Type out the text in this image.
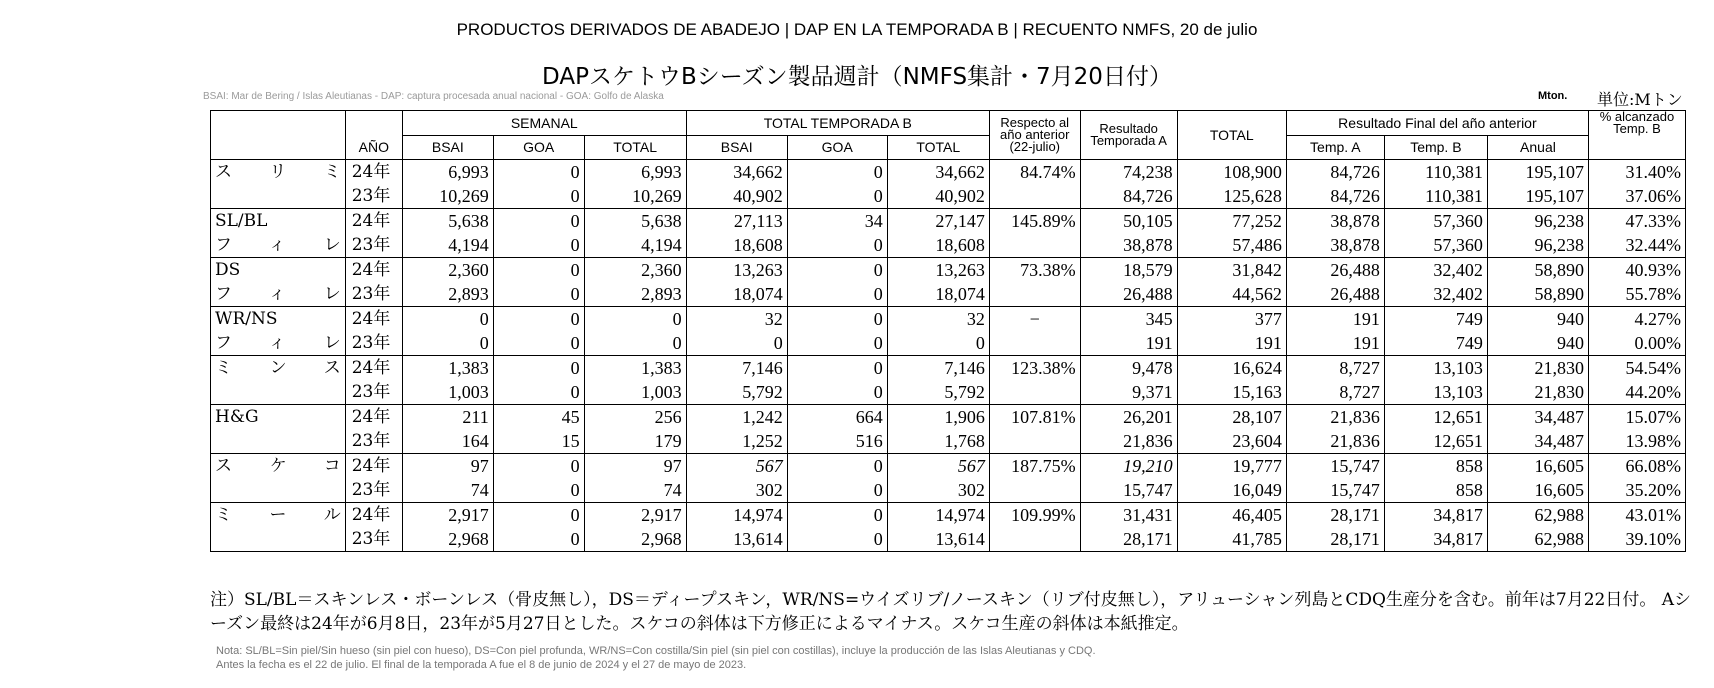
PRODUCTOS DERIVADOS DE ABADEJO | DAP EN LA TEMPORADA B | RECUENTO NMFS, 20 de julio
DAPスケトウBシーズン製品週計（NMFS集計・7月20日付）
BSAI: Mar de Bering / Islas Aleutianas - DAP: captura procesada anual nacional - GOA: Golfo de Alaska	Mton. 単位:Mトン
	AÑO	SEMANAL			TOTAL TEMPORADA B			Respecto al año anterior (22-julio)	Resultado Temporada A	TOTAL	Resultado Final del año anterior			% alcanzado Temp. B
		BSAI	GOA	TOTAL	BSAI	GOA	TOTAL				Temp. A	Temp. B	Anual	
スリミ	24年	6,993	0	6,993	34,662	0	34,662	84.74%	74,238	108,900	84,726	110,381	195,107	31.40%
	23年	10,269	0	10,269	40,902	0	40,902		84,726	125,628	84,726	110,381	195,107	37.06%
SL/BL	24年	5,638	0	5,638	27,113	34	27,147	145.89%	50,105	77,252	38,878	57,360	96,238	47.33%
フィレ	23年	4,194	0	4,194	18,608	0	18,608		38,878	57,486	38,878	57,360	96,238	32.44%
DS	24年	2,360	0	2,360	13,263	0	13,263	73.38%	18,579	31,842	26,488	32,402	58,890	40.93%
フィレ	23年	2,893	0	2,893	18,074	0	18,074		26,488	44,562	26,488	32,402	58,890	55.78%
WR/NS	24年	0	0	0	32	0	32	−	345	377	191	749	940	4.27%
フィレ	23年	0	0	0	0	0	0		191	191	191	749	940	0.00%
ミンス	24年	1,383	0	1,383	7,146	0	7,146	123.38%	9,478	16,624	8,727	13,103	21,830	54.54%
	23年	1,003	0	1,003	5,792	0	5,792		9,371	15,163	8,727	13,103	21,830	44.20%
H&G	24年	211	45	256	1,242	664	1,906	107.81%	26,201	28,107	21,836	12,651	34,487	15.07%
	23年	164	15	179	1,252	516	1,768		21,836	23,604	21,836	12,651	34,487	13.98%
スケコ	24年	97	0	97	567	0	567	187.75%	19,210	19,777	15,747	858	16,605	66.08%
	23年	74	0	74	302	0	302		15,747	16,049	15,747	858	16,605	35.20%
ミール	24年	2,917	0	2,917	14,974	0	14,974	109.99%	31,431	46,405	28,171	34,817	62,988	43.01%
	23年	2,968	0	2,968	13,614	0	13,614		28,171	41,785	28,171	34,817	62,988	39.10%
注）SL/BL＝スキンレス・ボーンレス（骨皮無し），DS＝ディープスキン，WR/NS=ウイズリブ/ノースキン（リブ付皮無し），アリューシャン列島とCDQ生産分を含む。前年は7月22日付。 Aシーズン最終は24年が6月8日，23年が5月27日とした。スケコの斜体は下方修正によるマイナス。スケコ生産の斜体は本紙推定。
Nota: SL/BL=Sin piel/Sin hueso (sin piel con hueso), DS=Con piel profunda, WR/NS=Con costilla/Sin piel (sin piel con costillas), incluye la producción de las Islas Aleutianas y CDQ.
Antes la fecha es el 22 de julio. El final de la temporada A fue el 8 de junio de 2024 y el 27 de mayo de 2023.
